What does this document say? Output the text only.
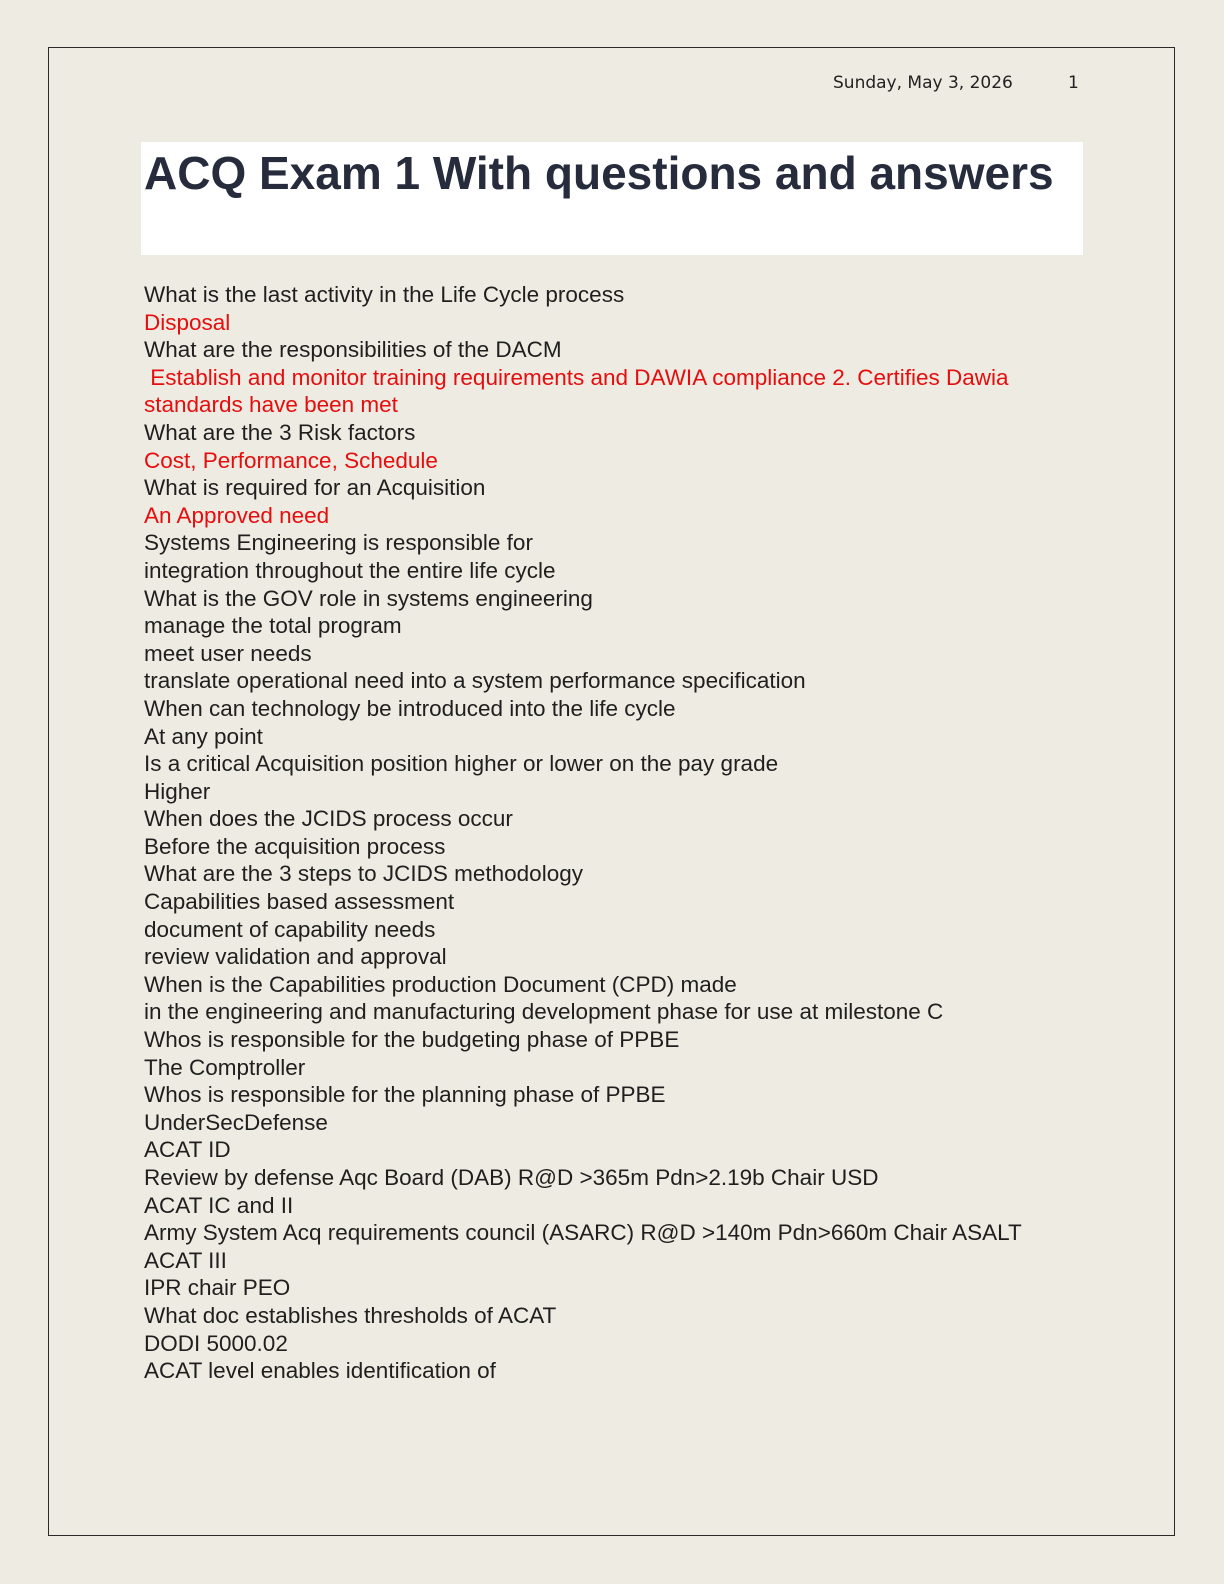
Sunday, May 3, 2026	1
ACQ Exam 1 With questions and answers
What is the last activity in the Life Cycle process
Disposal
What are the responsibilities of the DACM
Establish and monitor training requirements and DAWIA compliance 2. Certifies Dawia standards have been met
What are the 3 Risk factors
Cost, Performance, Schedule
What is required for an Acquisition
An Approved need
Systems Engineering is responsible for
integration throughout the entire life cycle
What is the GOV role in systems engineering
manage the total program
meet user needs
translate operational need into a system performance specification
When can technology be introduced into the life cycle
At any point
Is a critical Acquisition position higher or lower on the pay grade
Higher
When does the JCIDS process occur
Before the acquisition process
What are the 3 steps to JCIDS methodology
Capabilities based assessment
document of capability needs
review validation and approval
When is the Capabilities production Document (CPD) made
in the engineering and manufacturing development phase for use at milestone C
Whos is responsible for the budgeting phase of PPBE
The Comptroller
Whos is responsible for the planning phase of PPBE
UnderSecDefense
ACAT ID
Review by defense Aqc Board (DAB) R@D >365m Pdn>2.19b Chair USD
ACAT IC and II
Army System Acq requirements council (ASARC) R@D >140m Pdn>660m Chair ASALT
ACAT III
IPR chair PEO
What doc establishes thresholds of ACAT
DODI 5000.02
ACAT level enables identification of
